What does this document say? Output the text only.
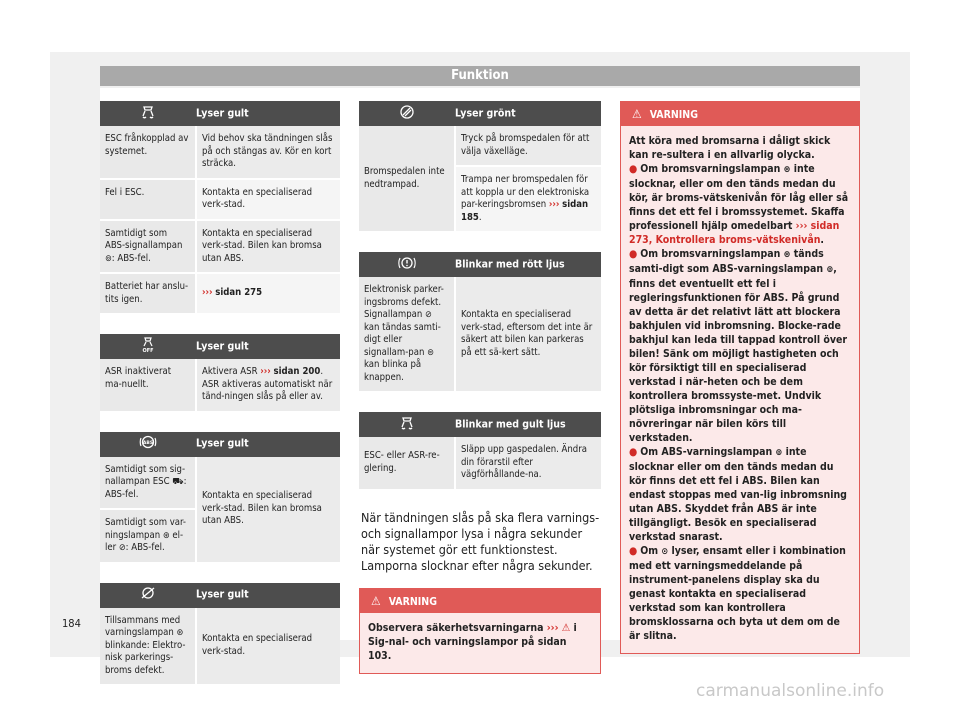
Funktion
Lyser gult	
ESC frånkopplad av systemet.	Vid behov ska tändningen slås på och stängas av. Kör en kort sträcka.
Fel i ESC.	Kontakta en specialiserad verk-stad.
Samtidigt som ABS-signallampan ⊚: ABS-fel.	Kontakta en specialiserad verk-stad. Bilen kan bromsa utan ABS.
Batteriet har anslu-tits igen.	››› sidan 275
OFF	Lyser gult
ASR inaktiverat ma-nuellt.	Aktivera ASR ››› sidan 200. ASR aktiveras automatiskt när tänd-ningen slås på eller av.
ABS	Lyser gult
Samtidigt som sig-nallampan ESC ⛟: ABS-fel.	Kontakta en specialiserad verk-stad. Bilen kan bromsa utan ABS.
Samtidigt som var-ningslampan ⊛ el-ler ⊘: ABS-fel.
Lyser gult
Tillsammans med varningslampan ⊛ blinkande: Elektro-nisk parkerings-broms defekt.	Kontakta en specialiserad verk-stad.
Lyser grönt
Bromspedalen inte nedtrampad.	Tryck på bromspedalen för att välja växelläge.
Trampa ner bromspedalen för att koppla ur den elektroniska par-keringsbromsen ››› sidan 185.
Blinkar med rött ljus
Elektronisk parker-ingsbroms defekt. Signallampan ⊘ kan tändas samti-digt eller signallam-pan ⊜ kan blinka på knappen.	Kontakta en specialiserad verk-stad, eftersom det inte är säkert att bilen kan parkeras på ett sä-kert sätt.
Blinkar med gult ljus
ESC- eller ASR-re-glering.	Släpp upp gaspedalen. Ändra din förarstil efter vägförhållande-na.

När tändningen slås på ska flera varnings- och signallampor lysa i några sekunder när systemet gör ett funktionstest. Lamporna slocknar efter några sekunder.

⚠ VARNING
Observera säkerhetsvarningarna ››› ⚠ i Sig-nal- och varningslampor på sidan 103.
⚠ VARNING
Att köra med bromsarna i dåligt skick kan re-sultera i en allvarlig olycka.
● Om bromsvarningslampan ⊛ inte slocknar, eller om den tänds medan du kör, är broms-vätskenivån för låg eller så finns det ett fel i bromssystemet. Skaffa professionell hjälp omedelbart ››› sidan 273, Kontrollera broms-vätskenivån.
● Om bromsvarningslampan ⊛ tänds samti-digt som ABS-varningslampan ⊚, finns det eventuellt ett fel i regleringsfunktionen för ABS. På grund av detta är det relativt lätt att blockera bakhjulen vid inbromsning. Blocke-rade bakhjul kan leda till tappad kontroll över bilen! Sänk om möjligt hastigheten och kör försiktigt till en specialiserad verkstad i när-heten och be dem kontrollera bromssyste-met. Undvik plötsliga inbromsningar och ma-növreringar när bilen körs till verkstaden.
● Om ABS-varningslampan ⊚ inte slocknar eller om den tänds medan du kör finns det ett fel i ABS. Bilen kan endast stoppas med van-lig inbromsning utan ABS. Skyddet från ABS är inte tillgängligt. Besök en specialiserad verkstad snarast.
● Om ⊙ lyser, ensamt eller i kombination med ett varningsmeddelande på instrument-panelens display ska du genast kontakta en specialiserad verkstad som kan kontrollera bromsklossarna och byta ut dem om de är slitna.
184
carmanualsonline.info
